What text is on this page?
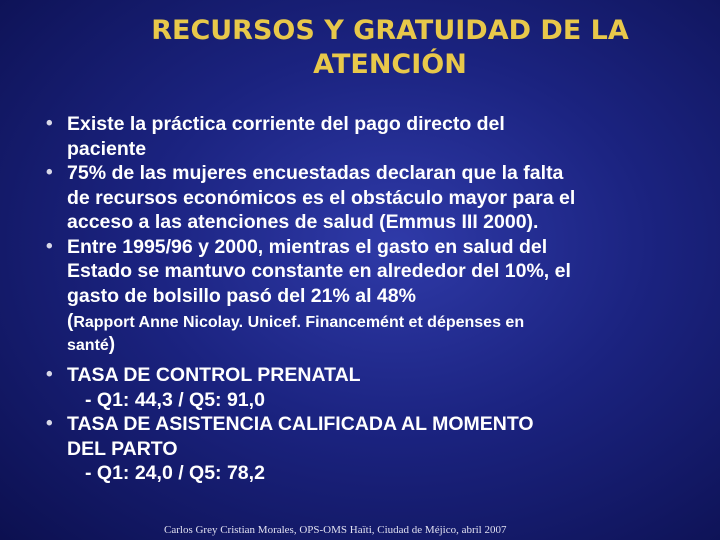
RECURSOS Y GRATUIDAD DE LA
ATENCIÓN
• Existe la práctica corriente del pago directo del
paciente
• 75% de las mujeres encuestadas declaran que la falta
de recursos económicos es el obstáculo mayor para el
acceso a las atenciones de salud (Emmus III 2000).
• Entre 1995/96 y 2000, mientras el gasto en salud del
Estado se mantuvo constante en alrededor del 10%, el
gasto de bolsillo pasó del 21% al 48%
(Rapport Anne Nicolay. Unicef. Financemént et dépenses en
santé)
• TASA DE CONTROL PRENATAL
- Q1: 44,3 / Q5: 91,0
• TASA DE ASISTENCIA CALIFICADA AL MOMENTO
DEL PARTO
- Q1: 24,0 / Q5: 78,2
Carlos Grey Cristian Morales, OPS-OMS Haïti, Ciudad de Méjico, abril 2007
